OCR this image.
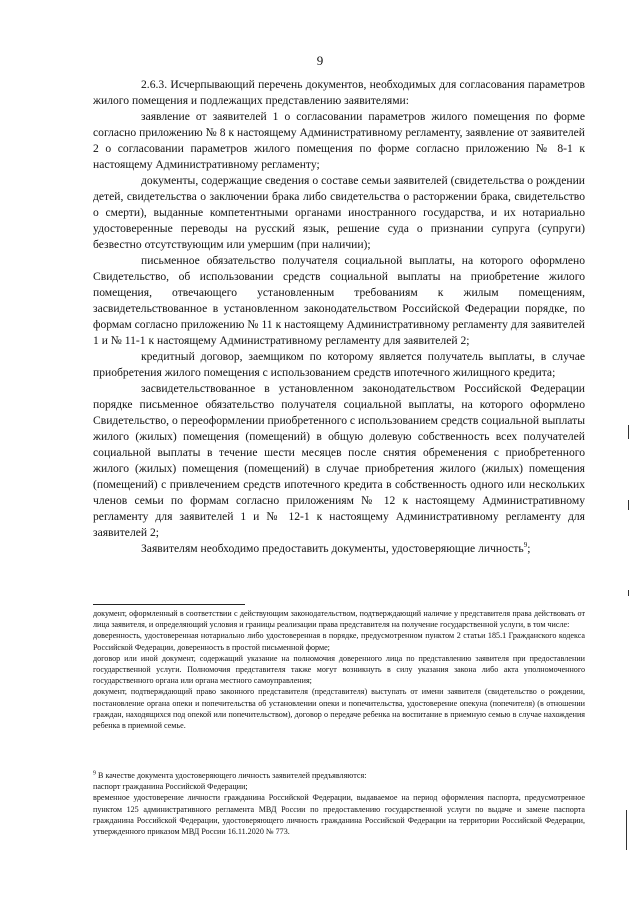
9

2.6.3. Исчерпывающий перечень документов, необходимых для согласования параметров жилого помещения и подлежащих представлению заявителями:

заявление от заявителей 1 о согласовании параметров жилого помещения по форме согласно приложению № 8 к настоящему Административному регламенту, заявление от заявителей 2 о согласовании параметров жилого помещения по форме согласно приложению № 8-1 к настоящему Административному регламенту;

документы, содержащие сведения о составе семьи заявителей (свидетельства о рождении детей, свидетельства о заключении брака либо свидетельства о расторжении брака, свидетельство о смерти), выданные компетентными органами иностранного государства, и их нотариально удостоверенные переводы на русский язык, решение суда о признании супруга (супруги) безвестно отсутствующим или умершим (при наличии);

письменное обязательство получателя социальной выплаты, на которого оформлено Свидетельство, об использовании средств социальной выплаты на приобретение жилого помещения, отвечающего установленным требованиям к жилым помещениям, засвидетельствованное в установленном законодательством Российской Федерации порядке, по формам согласно приложению № 11 к настоящему Административному регламенту для заявителей 1 и № 11-1 к настоящему Административному регламенту для заявителей 2;

кредитный договор, заемщиком по которому является получатель выплаты, в случае приобретения жилого помещения с использованием средств ипотечного жилищного кредита;

засвидетельствованное в установленном законодательством Российской Федерации порядке письменное обязательство получателя социальной выплаты, на которого оформлено Свидетельство, о переоформлении приобретенного с использованием средств социальной выплаты жилого (жилых) помещения (помещений) в общую долевую собственность всех получателей социальной выплаты в течение шести месяцев после снятия обременения с приобретенного жилого (жилых) помещения (помещений) в случае приобретения жилого (жилых) помещения (помещений) с привлечением средств ипотечного кредита в собственность одного или нескольких членов семьи по формам согласно приложениям № 12 к настоящему Административному регламенту для заявителей 1 и № 12-1 к настоящему Административному регламенту для заявителей 2;

Заявителям необходимо предоставить документы, удостоверяющие личность$^9$;

документ, оформленный в соответствии с действующим законодательством, подтверждающий наличие у представителя права действовать от лица заявителя, и определяющий условия и границы реализации права представителя на получение государственной услуги, в том числе:

доверенность, удостоверенная нотариально либо удостоверенная в порядке, предусмотренном пунктом 2 статьи 185.1 Гражданского кодекса Российской Федерации, доверенность в простой письменной форме;

договор или иной документ, содержащий указание на полномочия доверенного лица по представлению заявителя при предоставлении государственной услуги. Полномочия представителя также могут возникнуть в силу указания закона либо акта уполномоченного государственного органа или органа местного самоуправления;

документ, подтверждающий право законного представителя (представителя) выступать от имени заявителя (свидетельство о рождении, постановление органа опеки и попечительства об установлении опеки и попечительства, удостоверение опекуна (попечителя) (в отношении граждан, находящихся под опекой или попечительством), договор о передаче ребенка на воспитание в приемную семью в случае нахождения ребенка в приемной семье.

$^9$ В качестве документа удостоверяющего личность заявителей предъявляются:

паспорт гражданина Российской Федерации;

временное удостоверение личности гражданина Российской Федерации, выдаваемое на период оформления паспорта, предусмотренное пунктом 125 административного регламента МВД России по предоставлению государственной услуги по выдаче и замене паспорта гражданина Российской Федерации, удостоверяющего личность гражданина Российской Федерации на территории Российской Федерации, утвержденного приказом МВД России 16.11.2020 № 773.
